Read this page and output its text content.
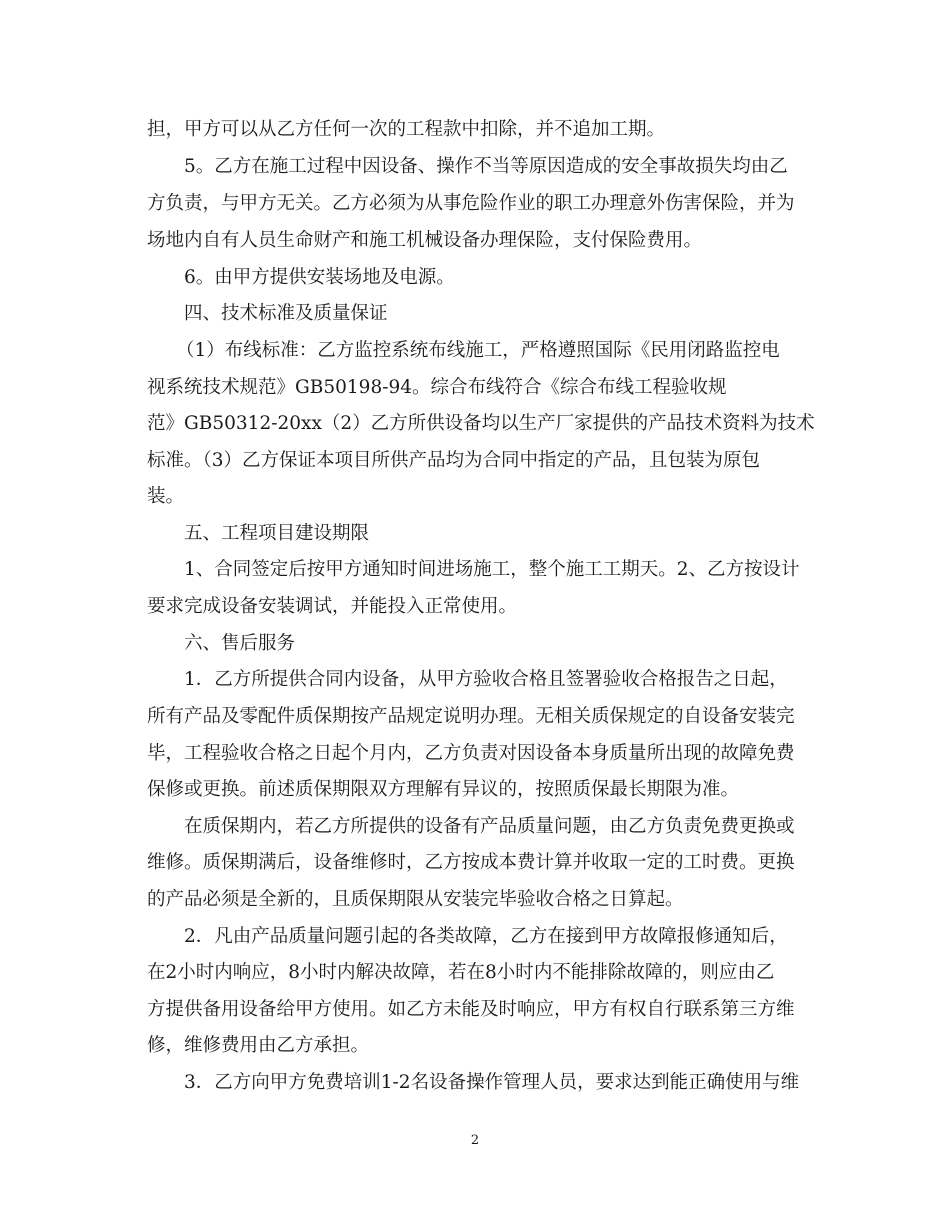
担，甲方可以从乙方任何一次的工程款中扣除，并不追加工期。
5。乙方在施工过程中因设备、操作不当等原因造成的安全事故损失均由乙
方负责，与甲方无关。乙方必须为从事危险作业的职工办理意外伤害保险，并为
场地内自有人员生命财产和施工机械设备办理保险，支付保险费用。
6。由甲方提供安装场地及电源。
四、技术标准及质量保证
（1）布线标准：乙方监控系统布线施工，严格遵照国际《民用闭路监控电
视系统技术规范》GB50198-94。综合布线符合《综合布线工程验收规
范》GB50312-20xx（2）乙方所供设备均以生产厂家提供的产品技术资料为技术
标准。（3）乙方保证本项目所供产品均为合同中指定的产品，且包装为原包
装。
五、工程项目建设期限
1、合同签定后按甲方通知时间进场施工，整个施工工期天。2、乙方按设计
要求完成设备安装调试，并能投入正常使用。
六、售后服务
1．乙方所提供合同内设备，从甲方验收合格且签署验收合格报告之日起，
所有产品及零配件质保期按产品规定说明办理。无相关质保规定的自设备安装完
毕，工程验收合格之日起个月内，乙方负责对因设备本身质量所出现的故障免费
保修或更换。前述质保期限双方理解有异议的，按照质保最长期限为准。
在质保期内，若乙方所提供的设备有产品质量问题，由乙方负责免费更换或
维修。质保期满后，设备维修时，乙方按成本费计算并收取一定的工时费。更换
的产品必须是全新的，且质保期限从安装完毕验收合格之日算起。
2．凡由产品质量问题引起的各类故障，乙方在接到甲方故障报修通知后，
在2小时内响应，8小时内解决故障，若在8小时内不能排除故障的，则应由乙
方提供备用设备给甲方使用。如乙方未能及时响应，甲方有权自行联系第三方维
修，维修费用由乙方承担。
3．乙方向甲方免费培训1-2名设备操作管理人员，要求达到能正确使用与维
2
